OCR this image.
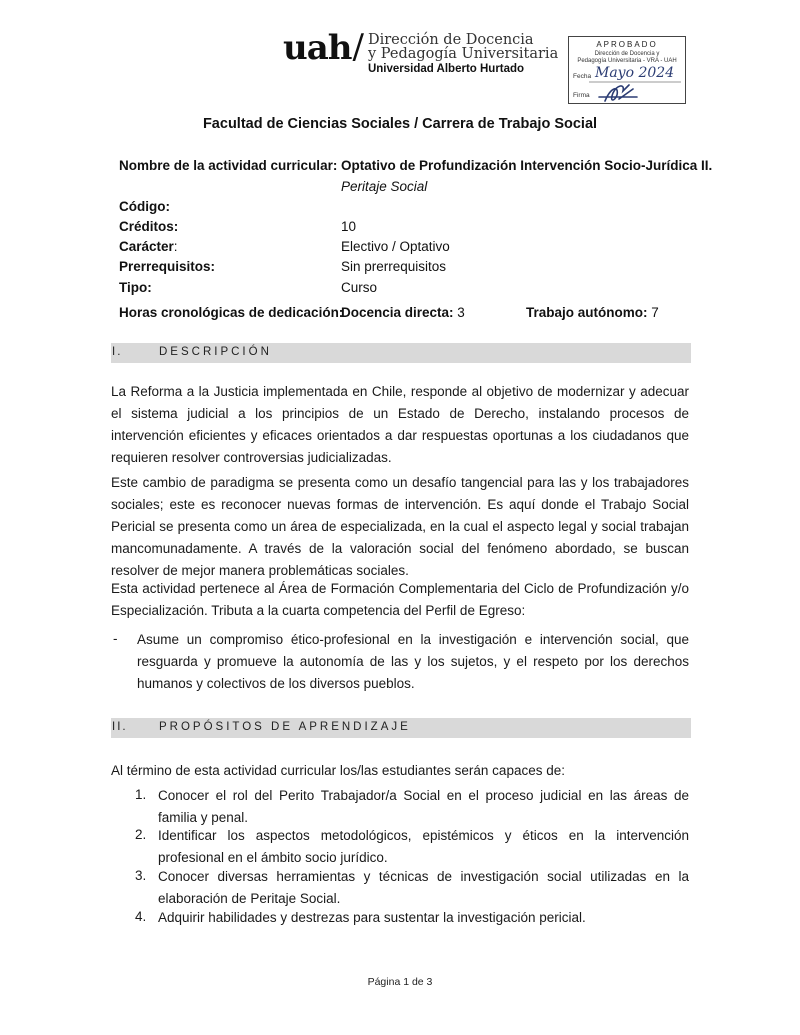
uah / Dirección de Docencia
y Pedagogía Universitaria
Universidad Alberto Hurtado
APROBADO
Dirección de Docencia y
Pedagogía Universitaria - VRA - UAH
Fecha Mayo 2024
Firma
Facultad de Ciencias Sociales / Carrera de Trabajo Social
Nombre de la actividad curricular: Optativo de Profundización Intervención Socio-Jurídica II.
Peritaje Social
Código:
Créditos:	10
Carácter:	Electivo / Optativo
Prerrequisitos:	Sin prerrequisitos
Tipo:	Curso
Horas cronológicas de dedicación:
Docencia directa: 3	Trabajo autónomo: 7
I.	DESCRIPCIÓN
La Reforma a la Justicia implementada en Chile, responde al objetivo de modernizar y adecuar el sistema judicial a los principios de un Estado de Derecho, instalando procesos de intervención eficientes y eficaces orientados a dar respuestas oportunas a los ciudadanos que requieren resolver controversias judicializadas.
Este cambio de paradigma se presenta como un desafío tangencial para las y los trabajadores sociales; este es reconocer nuevas formas de intervención. Es aquí donde el Trabajo Social Pericial se presenta como un área de especializada, en la cual el aspecto legal y social trabajan mancomunadamente. A través de la valoración social del fenómeno abordado, se buscan resolver de mejor manera problemáticas sociales.
Esta actividad pertenece al Área de Formación Complementaria del Ciclo de Profundización y/o Especialización. Tributa a la cuarta competencia del Perfil de Egreso:
- Asume un compromiso ético-profesional en la investigación e intervención social, que resguarda y promueve la autonomía de las y los sujetos, y el respeto por los derechos humanos y colectivos de los diversos pueblos.
II.	PROPÓSITOS DE APRENDIZAJE
Al término de esta actividad curricular los/las estudiantes serán capaces de:
1. Conocer el rol del Perito Trabajador/a Social en el proceso judicial en las áreas de familia y penal.
2. Identificar los aspectos metodológicos, epistémicos y éticos en la intervención profesional en el ámbito socio jurídico.
3. Conocer diversas herramientas y técnicas de investigación social utilizadas en la elaboración de Peritaje Social.
4. Adquirir habilidades y destrezas para sustentar la investigación pericial.
Página 1 de 3
